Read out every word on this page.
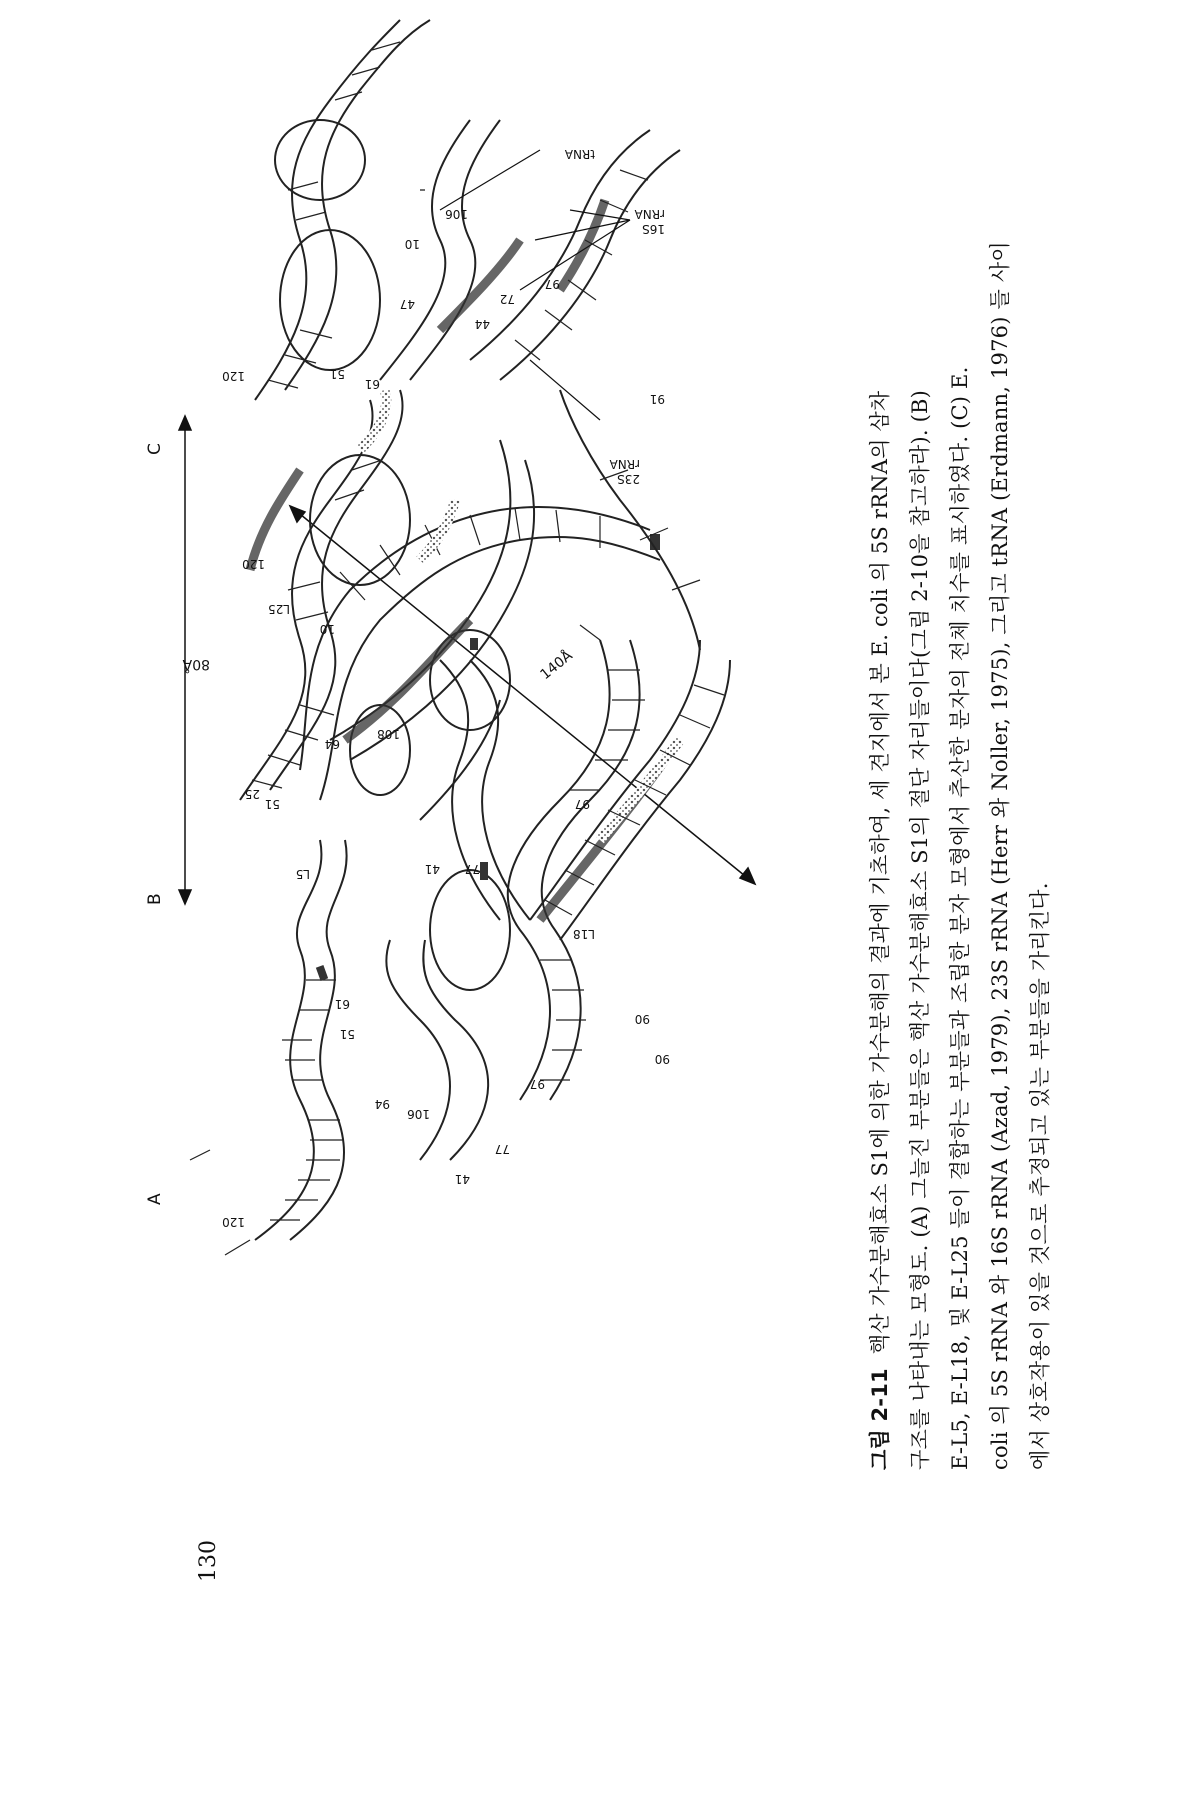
130
A
120
51
61
94
106
41
77
97
90
B
80Å	140Å
120
25
L25
10
108
64
51
L5	41 77
97
L18
90
C
120
106
10
47
44
72
97
51
61
91
tRNA
16S
rRNA
23S
rRNA

그림 2-11핵산 가수분해효소 S1에 의한 가수분해의 결과에 기초하여, 세 견지에서 본 E. coli 의 5S rRNA의 삼차 구조를 나타내는 모형도. (A) 그늘진 부분들은 핵산 가수분해효소 S1의 절단 자리들이다(그림 2-10을 참고하라). (B) E-L5, E-L18, 및 E-L25 들이 결합하는 부분들과 조립한 분자 모형에서 추산한 분자의 전체 치수를 표시하였다. (C) E. coli 의 5S rRNA 와 16S rRNA (Azad, 1979), 23S rRNA (Herr 와 Noller, 1975), 그리고 tRNA (Erdmann, 1976) 들 사이 에서 상호작용이 있을 것으로 추정되고 있는 부분들을 가리킨다.
